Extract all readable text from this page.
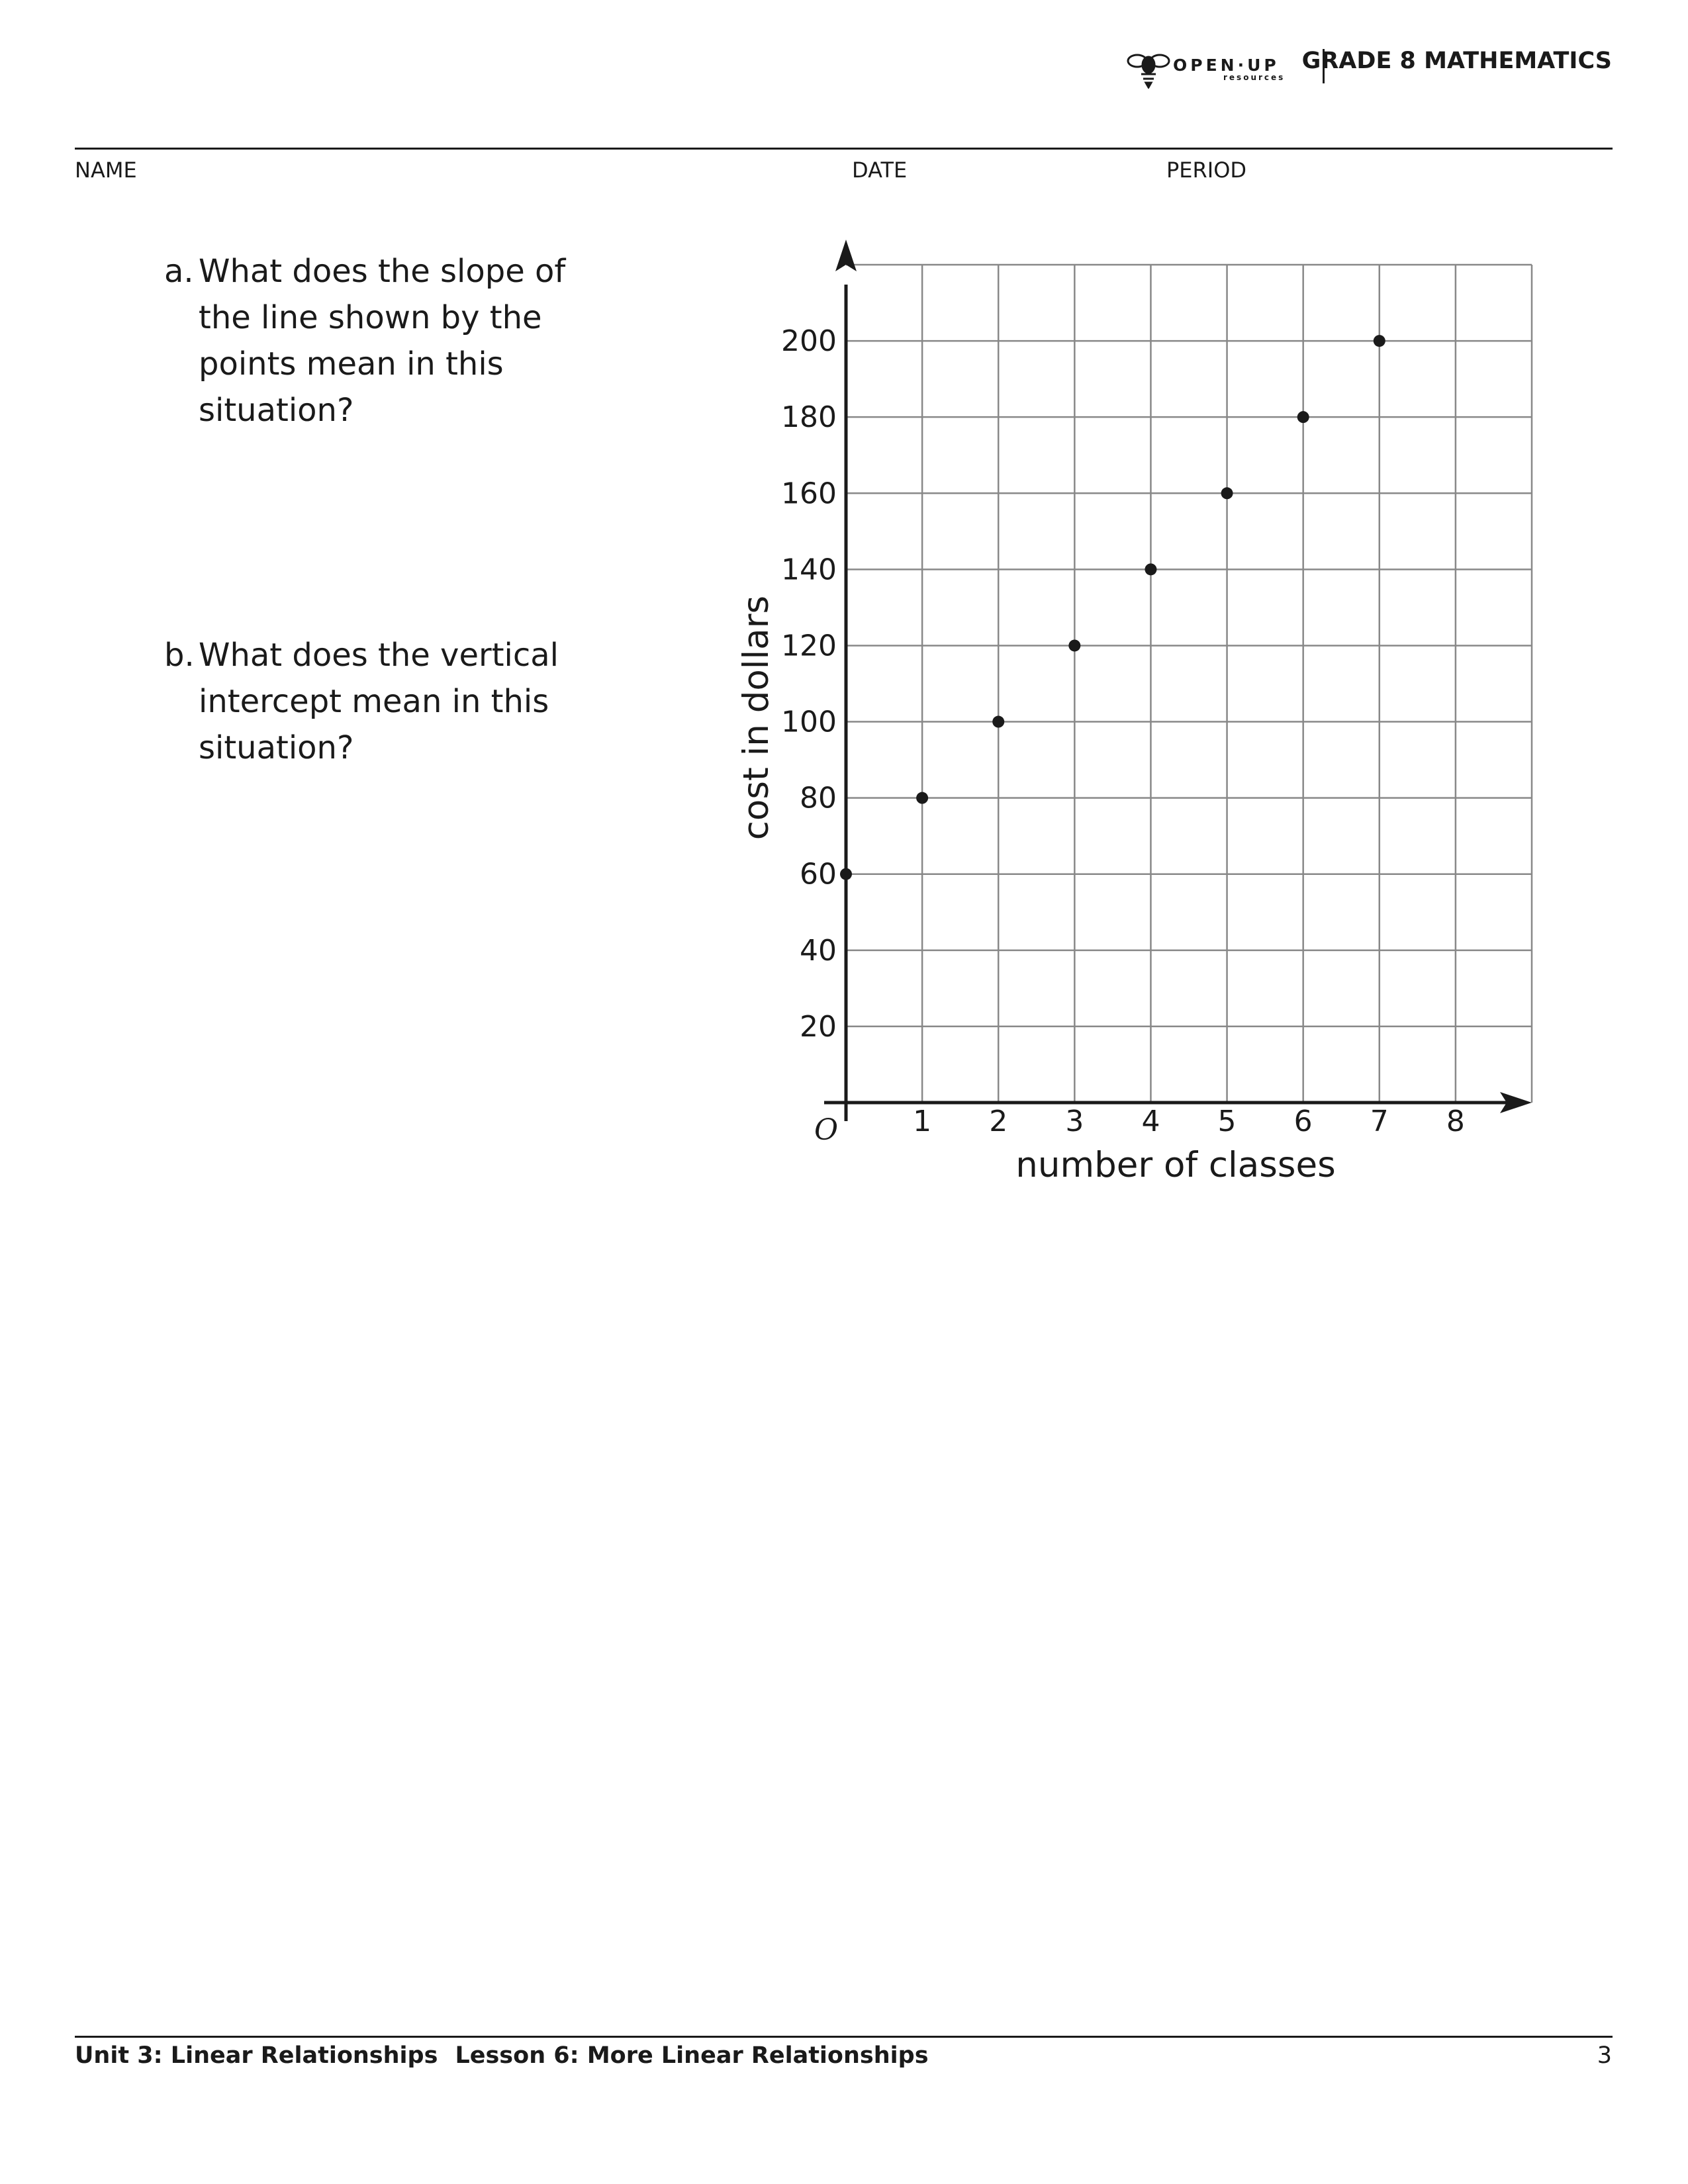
OPEN·UP
resources
GRADE 8 MATHEMATICS
NAME	DATE	PERIOD
a. What does the slope of the line shown by the points mean in this situation?
b. What does the vertical intercept mean in this situation?
1 2 3 4 5 6 7 8
20
40
60
80
100
120
140
160
180
200
number of classes
cost in dollars
O
Unit 3: Linear Relationships Lesson 6: More Linear Relationships	3
